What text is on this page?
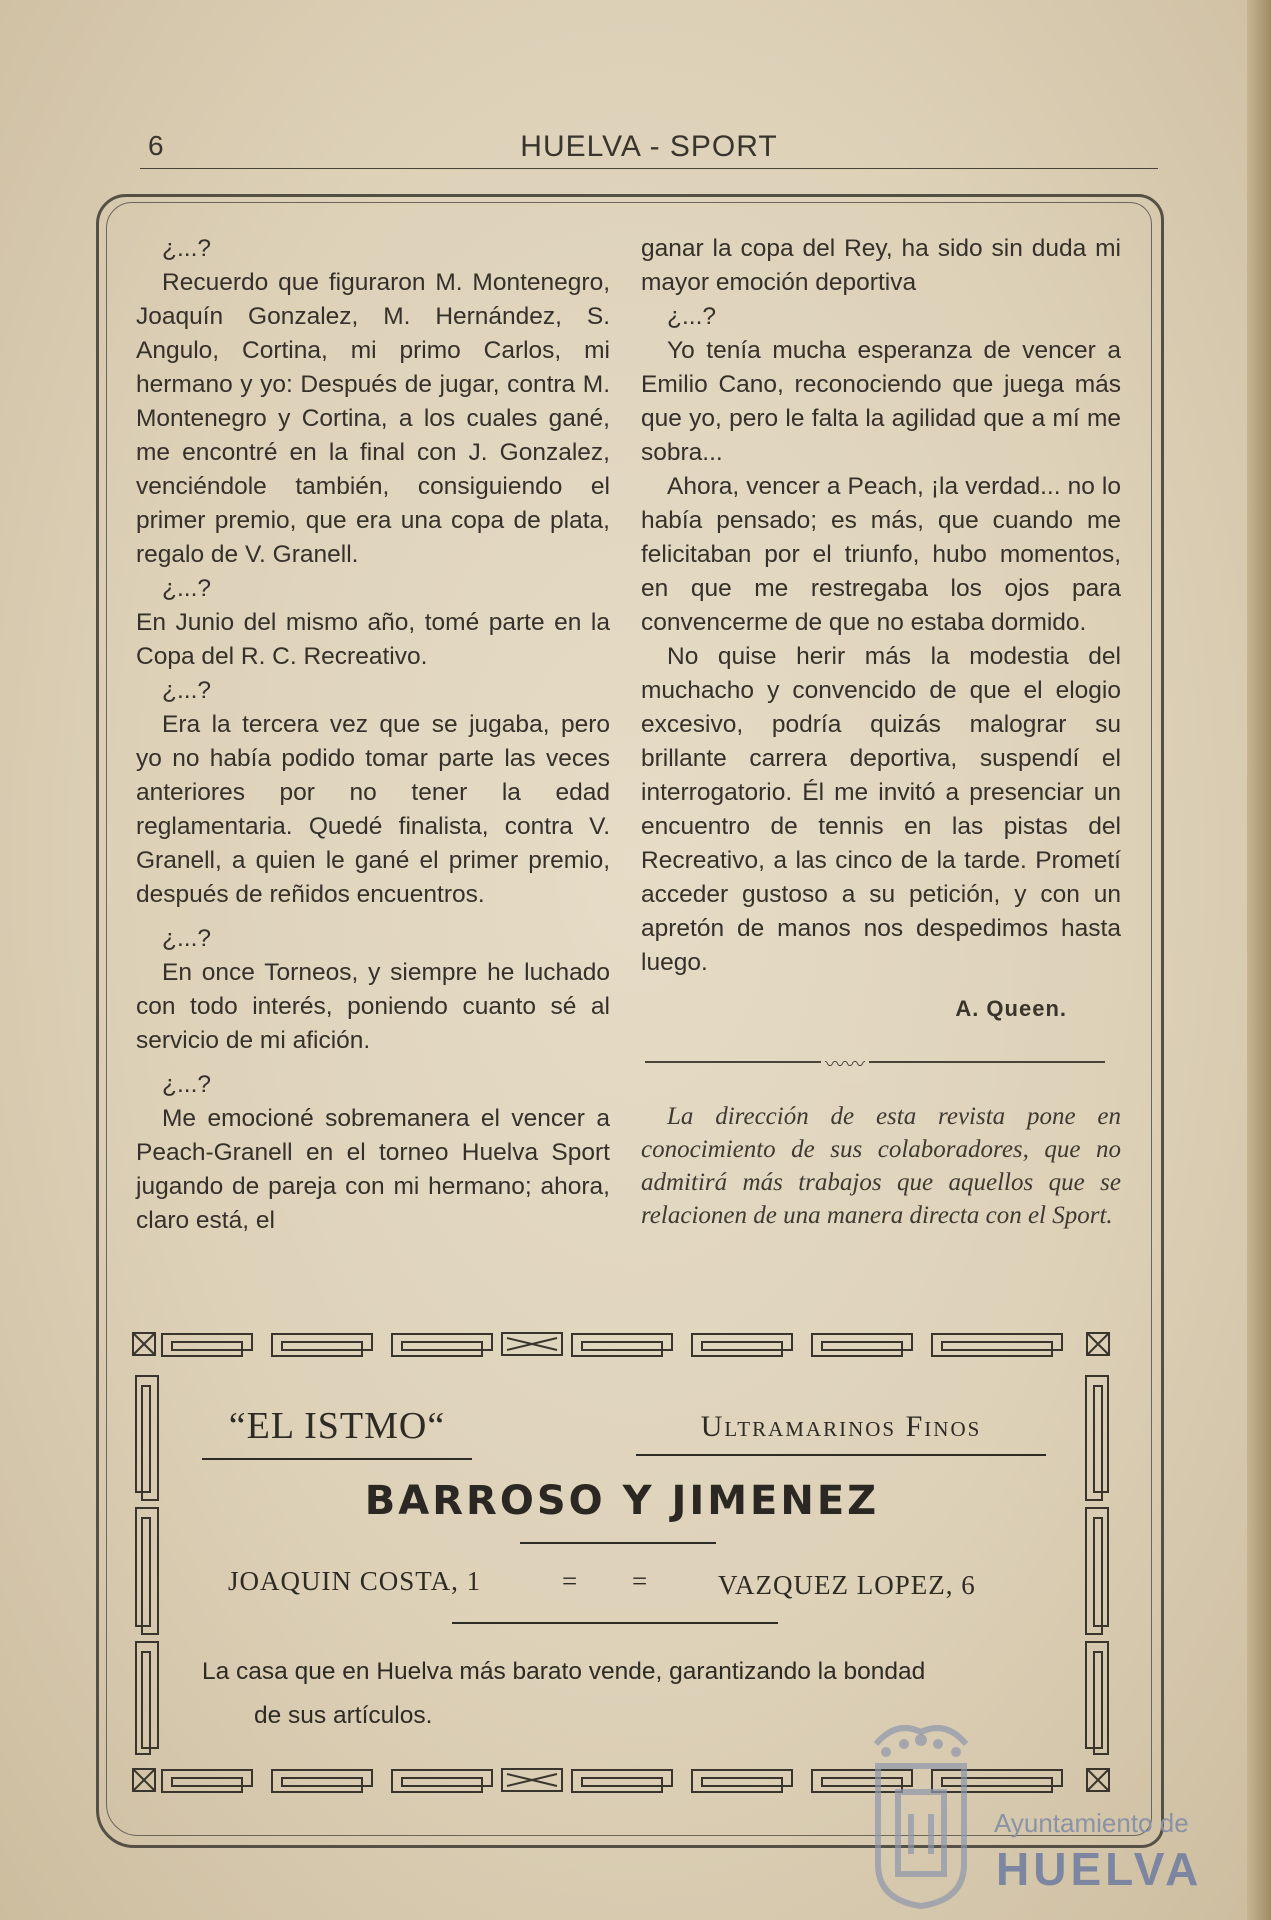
6	HUELVA - SPORT

¿...?

Recuerdo que figuraron M. Montenegro, Joaquín Gonzalez, M. Hernández, S. Angulo, Cortina, mi primo Carlos, mi hermano y yo: Después de jugar, contra M. Montenegro y Cortina, a los cuales gané, me encontré en la final con J. Gonzalez, venciéndole también, consiguiendo el primer premio, que era una copa de plata, regalo de V. Granell.

¿...?

En Junio del mismo año, tomé parte en la Copa del R. C. Recreativo.

¿...?

Era la tercera vez que se jugaba, pero yo no había podido tomar parte las veces anteriores por no tener la edad reglamentaria. Quedé finalista, contra V. Granell, a quien le gané el primer premio, después de reñidos encuentros.

¿...?

En once Torneos, y siempre he luchado con todo interés, poniendo cuanto sé al servicio de mi afición.

¿...?

Me emocioné sobremanera el vencer a Peach-Granell en el torneo Huelva Sport jugando de pareja con mi hermano; ahora, claro está, el

ganar la copa del Rey, ha sido sin duda mi mayor emoción deportiva

¿...?

Yo tenía mucha esperanza de vencer a Emilio Cano, reconociendo que juega más que yo, pero le falta la agilidad que a mí me sobra...

Ahora, vencer a Peach, ¡la verdad... no lo había pensado; es más, que cuando me felicitaban por el triunfo, hubo momentos, en que me restregaba los ojos para convencerme de que no estaba dormido.

No quise herir más la modestia del muchacho y convencido de que el elogio excesivo, podría quizás malograr su brillante carrera deportiva, suspendí el interrogatorio. Él me invitó a presenciar un encuentro de tennis en las pistas del Recreativo, a las cinco de la tarde. Prometí acceder gustoso a su petición, y con un apretón de manos nos despedimos hasta luego.

A. Queen.
〰〰

La dirección de esta revista pone en conocimiento de sus colaboradores, que no admitirá más trabajos que aquellos que se relacionen de una manera directa con el Sport.

“EL ISTMO“	Ultramarinos Finos
BARROSO Y JIMENEZ
JOAQUIN COSTA, 1	= = VAZQUEZ LOPEZ, 6
La casa que en Huelva más barato vende, garantizando la bondad
de sus artículos.
Ayuntamiento de
HUELVA
